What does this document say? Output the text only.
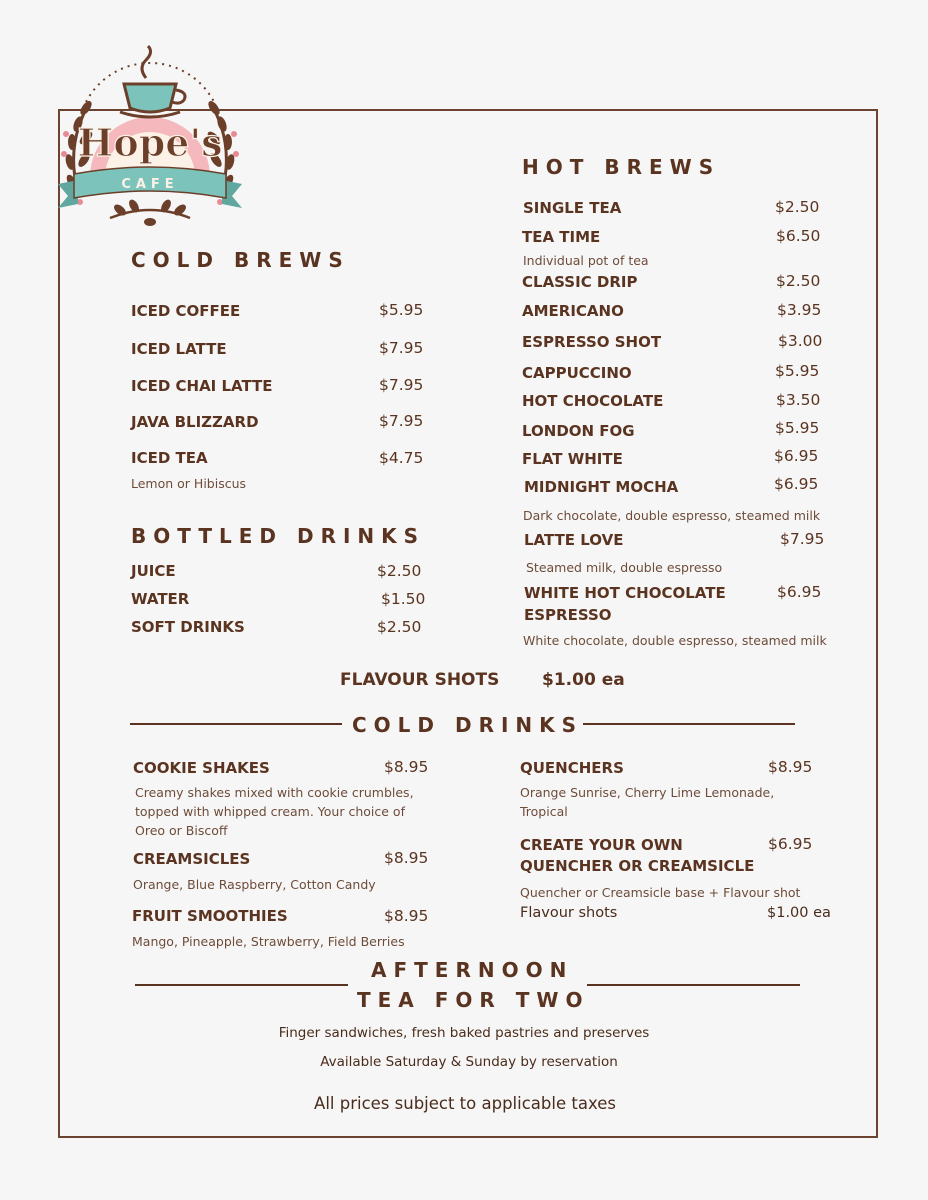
Hope's
CAFE
COLD BREWS
ICED COFFEE	$5.95
ICED LATTE	$7.95
ICED CHAI LATTE	$7.95
JAVA BLIZZARD	$7.95
ICED TEA	$4.75
Lemon or Hibiscus
BOTTLED DRINKS
JUICE	$2.50
WATER	$1.50
SOFT DRINKS	$2.50
HOT BREWS
SINGLE TEA	$2.50
TEA TIME	$6.50
Individual pot of tea
CLASSIC DRIP	$2.50
AMERICANO	$3.95
ESPRESSO SHOT	$3.00
CAPPUCCINO	$5.95
HOT CHOCOLATE	$3.50
LONDON FOG	$5.95
FLAT WHITE	$6.95
MIDNIGHT MOCHA	$6.95
Dark chocolate, double espresso, steamed milk
LATTE LOVE	$7.95
Steamed milk, double espresso
WHITE HOT CHOCOLATE
ESPRESSO
$6.95
White chocolate, double espresso, steamed milk
FLAVOUR SHOTS	$1.00 ea
COLD DRINKS
COOKIE SHAKES	$8.95
Creamy shakes mixed with cookie crumbles,
topped with whipped cream. Your choice of
Oreo or Biscoff
CREAMSICLES	$8.95
Orange, Blue Raspberry, Cotton Candy
FRUIT SMOOTHIES	$8.95
Mango, Pineapple, Strawberry, Field Berries
QUENCHERS	$8.95
Orange Sunrise, Cherry Lime Lemonade,
Tropical
CREATE YOUR OWN
QUENCHER OR CREAMSICLE
$6.95
Quencher or Creamsicle base + Flavour shot
Flavour shots	$1.00 ea
AFTERNOON
TEA FOR TWO
Finger sandwiches, fresh baked pastries and preserves
Available Saturday & Sunday by reservation
All prices subject to applicable taxes
